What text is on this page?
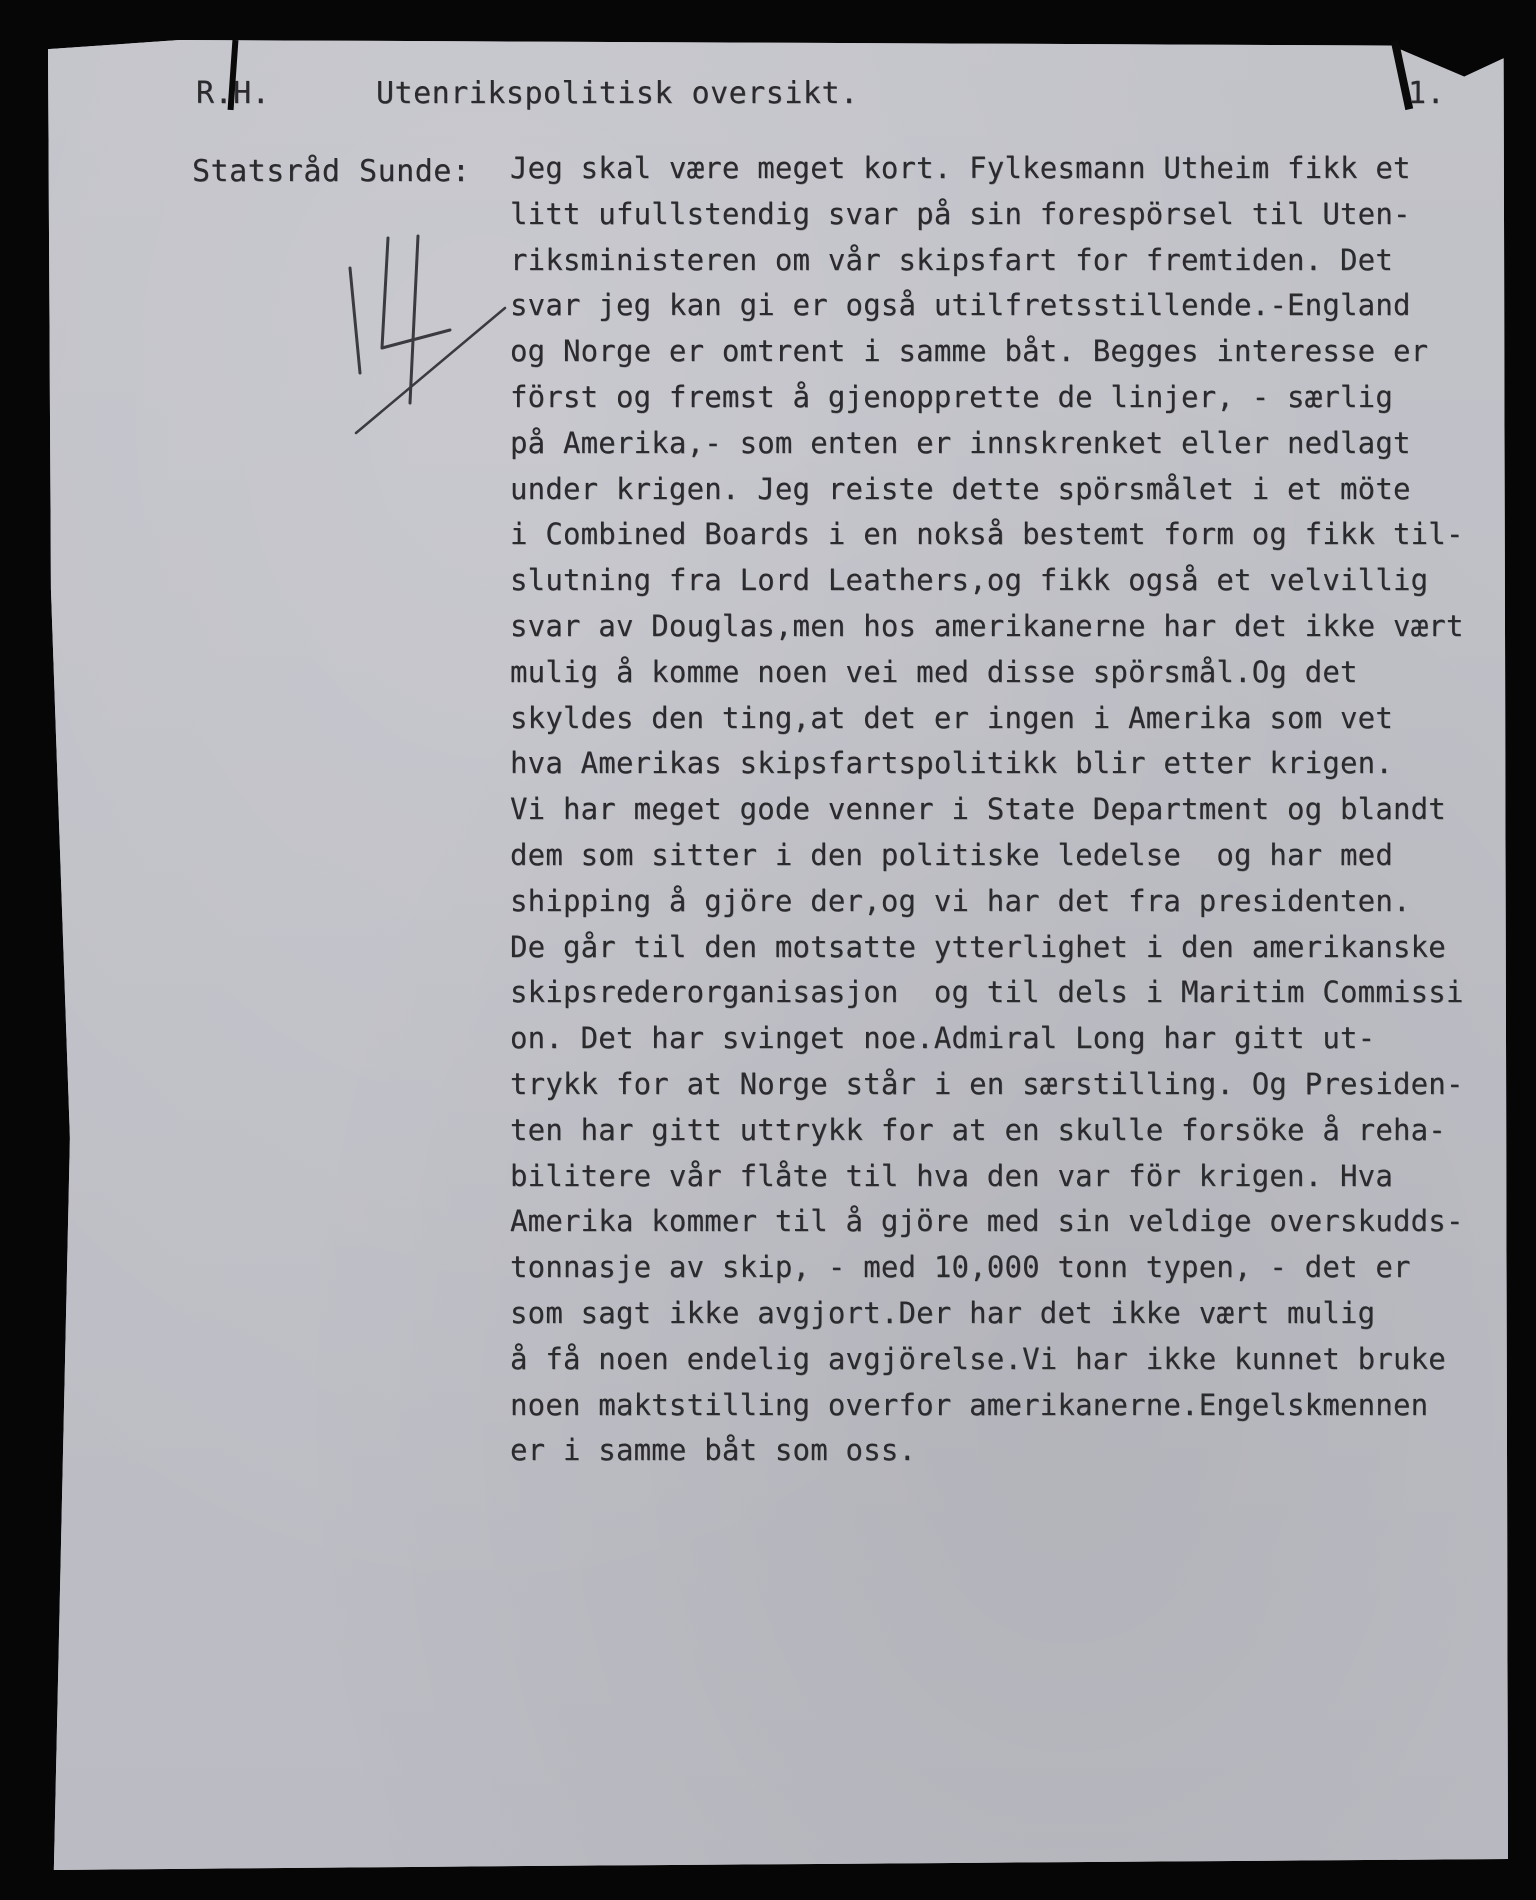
R.H.	Utenrikspolitisk oversikt.	1.
Statsråd Sunde: Jeg skal være meget kort. Fylkesmann Utheim fikk et
litt ufullstendig svar på sin forespörsel til Uten-
riksministeren om vår skipsfart for fremtiden. Det
svar jeg kan gi er også utilfretsstillende.-England
og Norge er omtrent i samme båt. Begges interesse er
först og fremst å gjenopprette de linjer, - særlig
på Amerika,- som enten er innskrenket eller nedlagt
under krigen. Jeg reiste dette spörsmålet i et möte
i Combined Boards i en nokså bestemt form og fikk til-
slutning fra Lord Leathers,og fikk også et velvillig
svar av Douglas,men hos amerikanerne har det ikke vært
mulig å komme noen vei med disse spörsmål.Og det
skyldes den ting,at det er ingen i Amerika som vet
hva Amerikas skipsfartspolitikk blir etter krigen.
Vi har meget gode venner i State Department og blandt
dem som sitter i den politiske ledelse  og har med
shipping å gjöre der,og vi har det fra presidenten.
De går til den motsatte ytterlighet i den amerikanske
skipsrederorganisasjon  og til dels i Maritim Commissi
on. Det har svinget noe.Admiral Long har gitt ut-
trykk for at Norge står i en særstilling. Og Presiden-
ten har gitt uttrykk for at en skulle forsöke å reha-
bilitere vår flåte til hva den var för krigen. Hva
Amerika kommer til å gjöre med sin veldige overskudds-
tonnasje av skip, - med 10,000 tonn typen, - det er
som sagt ikke avgjort.Der har det ikke vært mulig
å få noen endelig avgjörelse.Vi har ikke kunnet bruke
noen maktstilling overfor amerikanerne.Engelskmennen
er i samme båt som oss.
